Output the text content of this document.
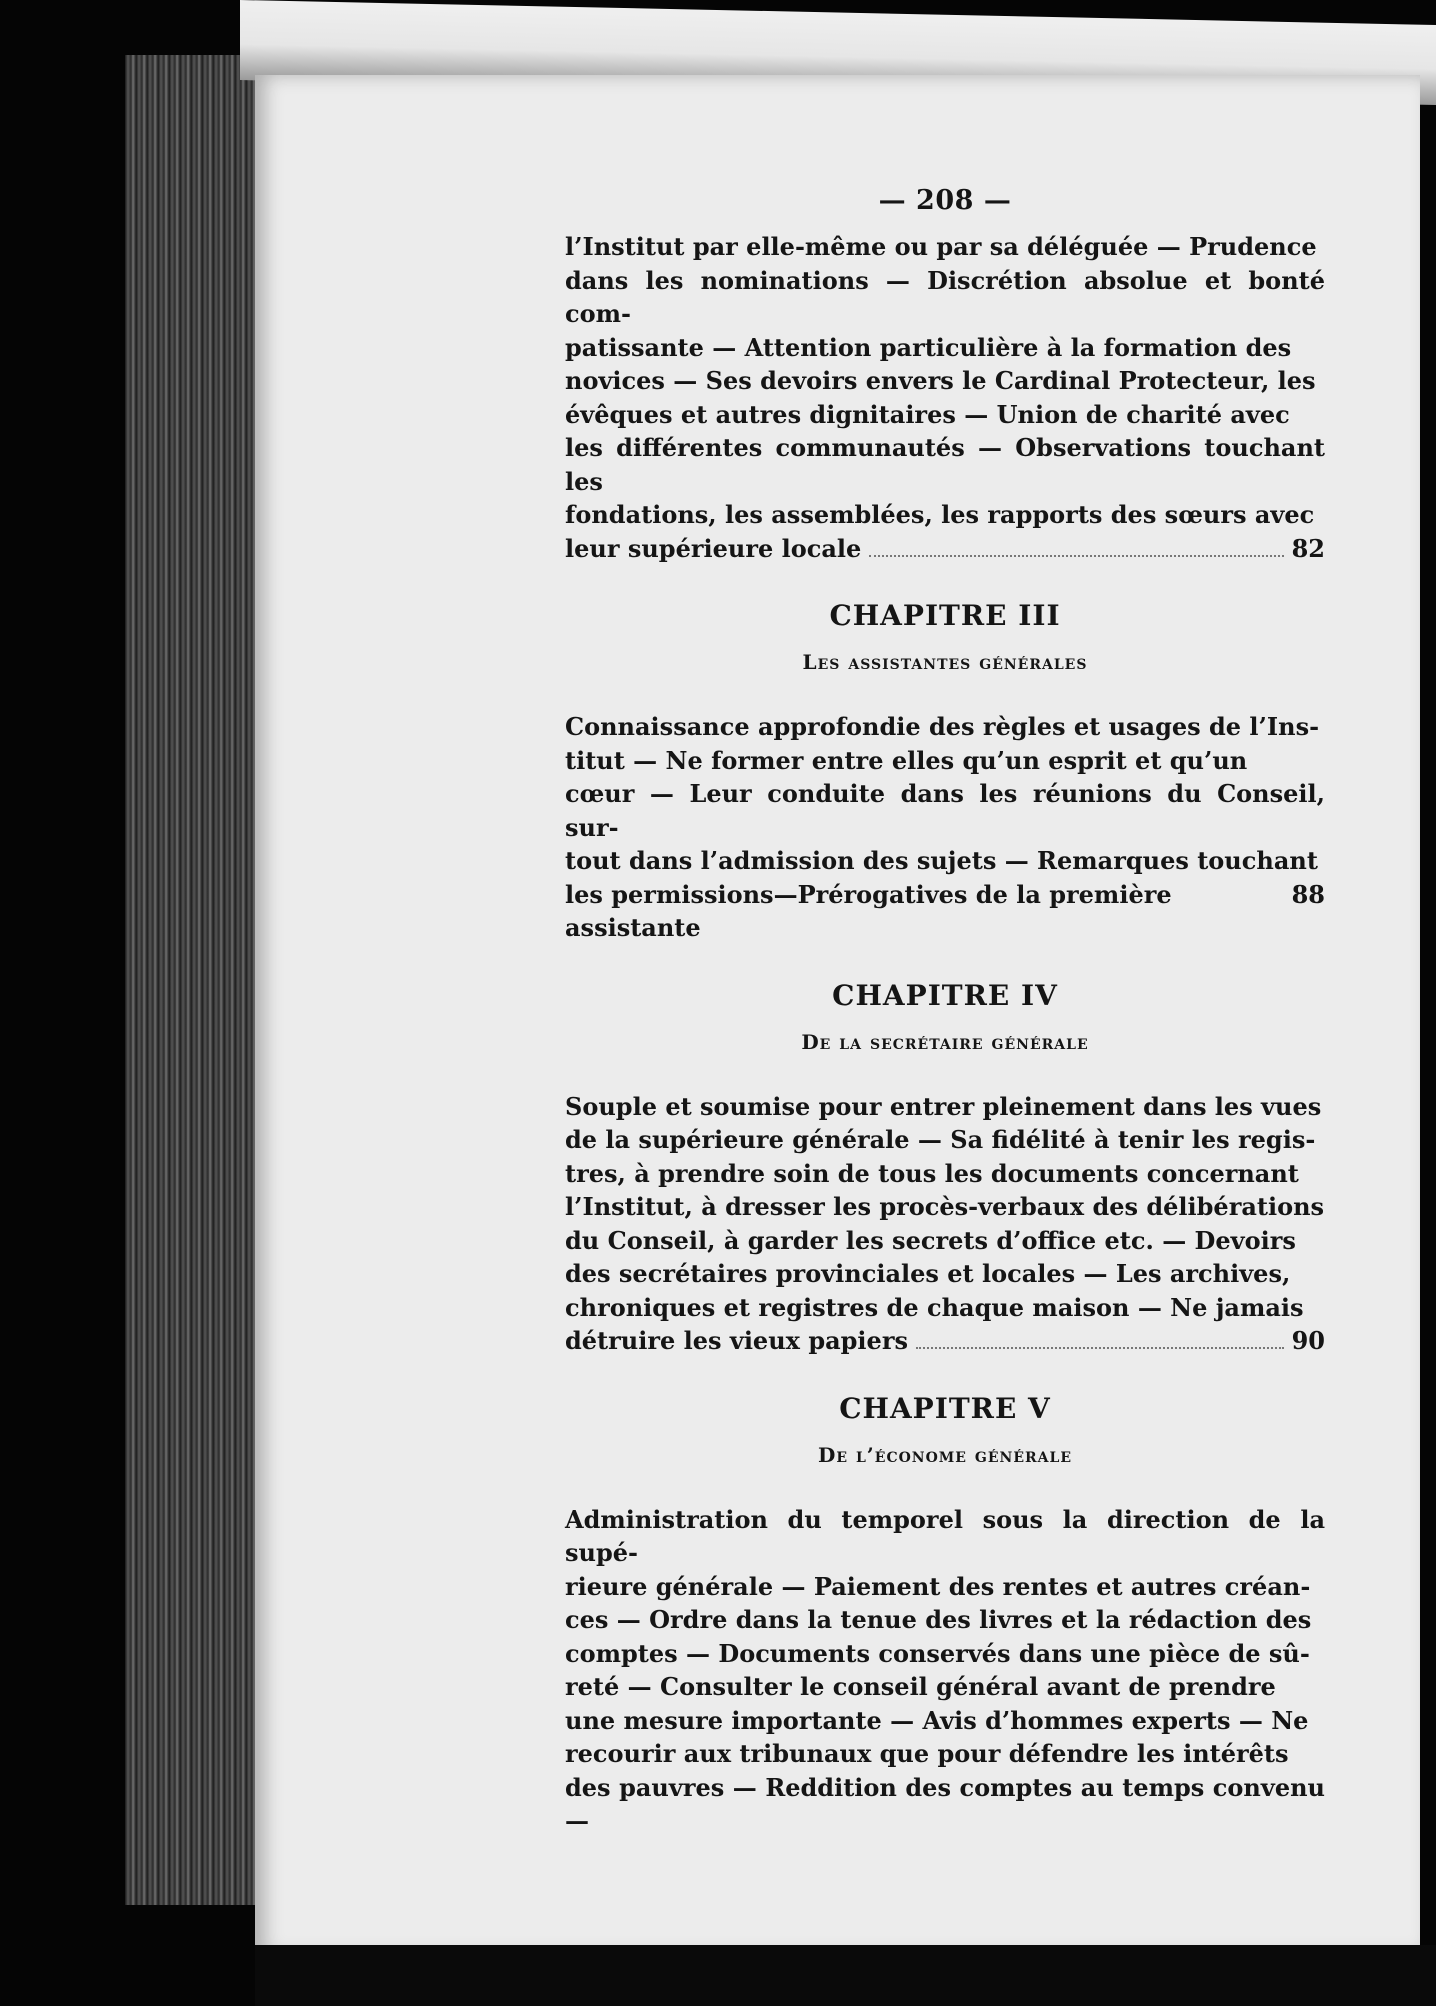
— 208 —

l’Institut par elle-même ou par sa déléguée — Prudence

dans les nominations — Discrétion absolue et bonté com-

patissante — Attention particulière à la formation des

novices — Ses devoirs envers le Cardinal Protecteur, les

évêques et autres dignitaires — Union de charité avec

les différentes communautés — Observations touchant les

fondations, les assemblées, les rapports des sœurs avec

leur supérieure locale	82
CHAPITRE III
Les assistantes générales

Connaissance approfondie des règles et usages de l’Ins-

titut — Ne former entre elles qu’un esprit et qu’un

cœur — Leur conduite dans les réunions du Conseil, sur-

tout dans l’admission des sujets — Remarques touchant

les permissions—Prérogatives de la première assistante
88
CHAPITRE IV
De la secrétaire générale

Souple et soumise pour entrer pleinement dans les vues

de la supérieure générale — Sa fidélité à tenir les regis-

tres, à prendre soin de tous les documents concernant

l’Institut, à dresser les procès-verbaux des délibérations

du Conseil, à garder les secrets d’office etc. — Devoirs

des secrétaires provinciales et locales — Les archives,

chroniques et registres de chaque maison — Ne jamais

détruire les vieux papiers	90
CHAPITRE V
De l’économe générale

Administration du temporel sous la direction de la supé-

rieure générale — Paiement des rentes et autres créan-

ces — Ordre dans la tenue des livres et la rédaction des

comptes — Documents conservés dans une pièce de sû-

reté — Consulter le conseil général avant de prendre

une mesure importante — Avis d’hommes experts — Ne

recourir aux tribunaux que pour défendre les intérêts

des pauvres — Reddition des comptes au temps convenu—
